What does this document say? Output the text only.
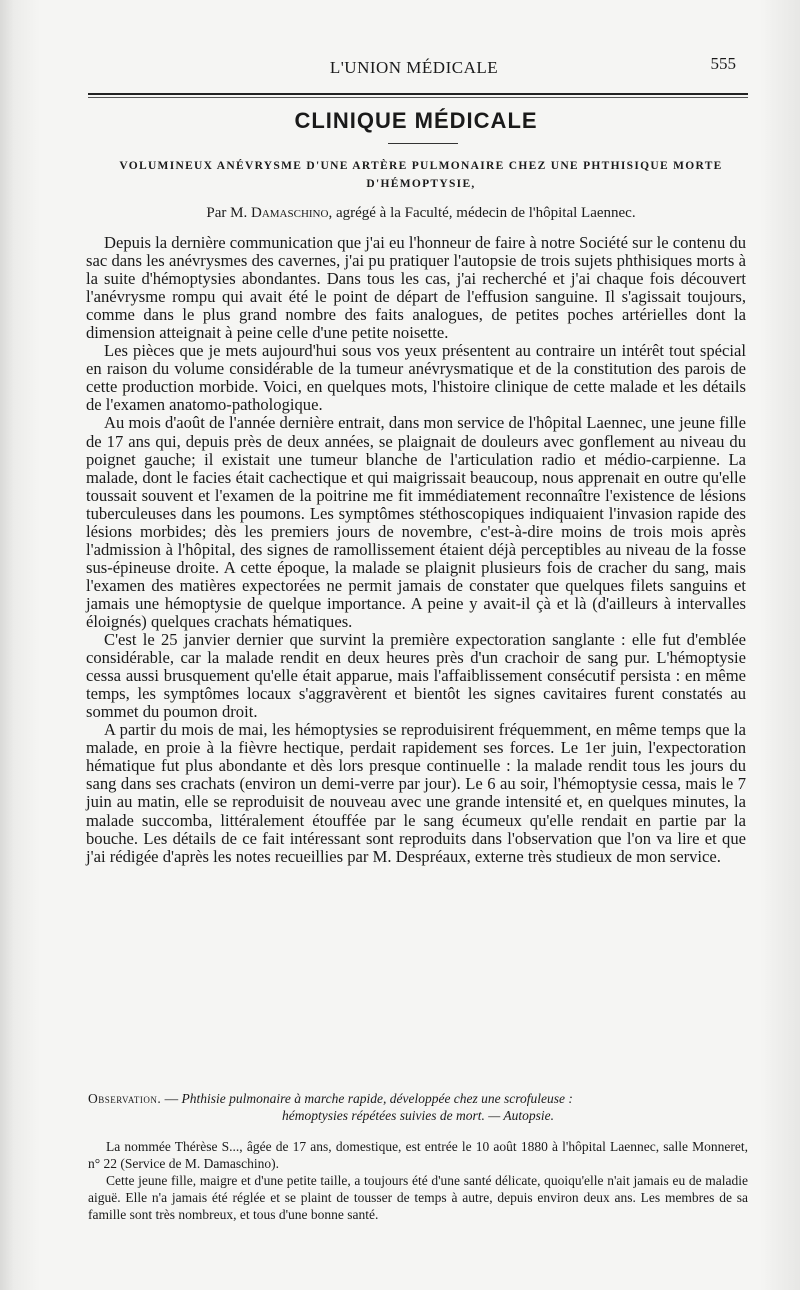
L'UNION MÉDICALE	555
CLINIQUE MÉDICALE
VOLUMINEUX ANÉVRYSME D'UNE ARTÈRE PULMONAIRE CHEZ UNE PHTHISIQUE MORTE D'HÉMOPTYSIE,
Par M. Damaschino, agrégé à la Faculté, médecin de l'hôpital Laennec.

Depuis la dernière communication que j'ai eu l'honneur de faire à notre Société sur le contenu du sac dans les anévrysmes des cavernes, j'ai pu pratiquer l'autopsie de trois sujets phthisiques morts à la suite d'hémoptysies abondantes. Dans tous les cas, j'ai recherché et j'ai chaque fois découvert l'anévrysme rompu qui avait été le point de départ de l'effusion sanguine. Il s'agissait toujours, comme dans le plus grand nombre des faits analogues, de petites poches artérielles dont la dimension atteignait à peine celle d'une petite noisette.

Les pièces que je mets aujourd'hui sous vos yeux présentent au contraire un intérêt tout spécial en raison du volume considérable de la tumeur anévrysmatique et de la constitution des parois de cette production morbide. Voici, en quelques mots, l'histoire clinique de cette malade et les détails de l'examen anatomo-pathologique.

Au mois d'août de l'année dernière entrait, dans mon service de l'hôpital Laennec, une jeune fille de 17 ans qui, depuis près de deux années, se plaignait de douleurs avec gonflement au niveau du poignet gauche; il existait une tumeur blanche de l'articulation radio et médio-carpienne. La malade, dont le facies était cachectique et qui maigrissait beaucoup, nous apprenait en outre qu'elle toussait souvent et l'examen de la poitrine me fit immédiatement reconnaître l'existence de lésions tuberculeuses dans les poumons. Les symptômes stéthoscopiques indiquaient l'invasion rapide des lésions morbides; dès les premiers jours de novembre, c'est-à-dire moins de trois mois après l'admission à l'hôpital, des signes de ramollissement étaient déjà perceptibles au niveau de la fosse sus-épineuse droite. A cette époque, la malade se plaignit plusieurs fois de cracher du sang, mais l'examen des matières expectorées ne permit jamais de constater que quelques filets sanguins et jamais une hémoptysie de quelque importance. A peine y avait-il çà et là (d'ailleurs à intervalles éloignés) quelques crachats hématiques.

C'est le 25 janvier dernier que survint la première expectoration sanglante : elle fut d'emblée considérable, car la malade rendit en deux heures près d'un crachoir de sang pur. L'hémoptysie cessa aussi brusquement qu'elle était apparue, mais l'affaiblissement consécutif persista : en même temps, les symptômes locaux s'aggravèrent et bientôt les signes cavitaires furent constatés au sommet du poumon droit.

A partir du mois de mai, les hémoptysies se reproduisirent fréquemment, en même temps que la malade, en proie à la fièvre hectique, perdait rapidement ses forces. Le 1er juin, l'expectoration hématique fut plus abondante et dès lors presque continuelle : la malade rendit tous les jours du sang dans ses crachats (environ un demi-verre par jour). Le 6 au soir, l'hémoptysie cessa, mais le 7 juin au matin, elle se reproduisit de nouveau avec une grande intensité et, en quelques minutes, la malade succomba, littéralement étouffée par le sang écumeux qu'elle rendait en partie par la bouche. Les détails de ce fait intéressant sont reproduits dans l'observation que l'on va lire et que j'ai rédigée d'après les notes recueillies par M. Despréaux, externe très studieux de mon service.

Observation. — Phthisie pulmonaire à marche rapide, développée chez une scrofuleuse :
hémoptysies répétées suivies de mort. — Autopsie.

La nommée Thérèse S..., âgée de 17 ans, domestique, est entrée le 10 août 1880 à l'hôpital Laennec, salle Monneret, n° 22 (Service de M. Damaschino).

Cette jeune fille, maigre et d'une petite taille, a toujours été d'une santé délicate, quoiqu'elle n'ait jamais eu de maladie aiguë. Elle n'a jamais été réglée et se plaint de tousser de temps à autre, depuis environ deux ans. Les membres de sa famille sont très nombreux, et tous d'une bonne santé.
